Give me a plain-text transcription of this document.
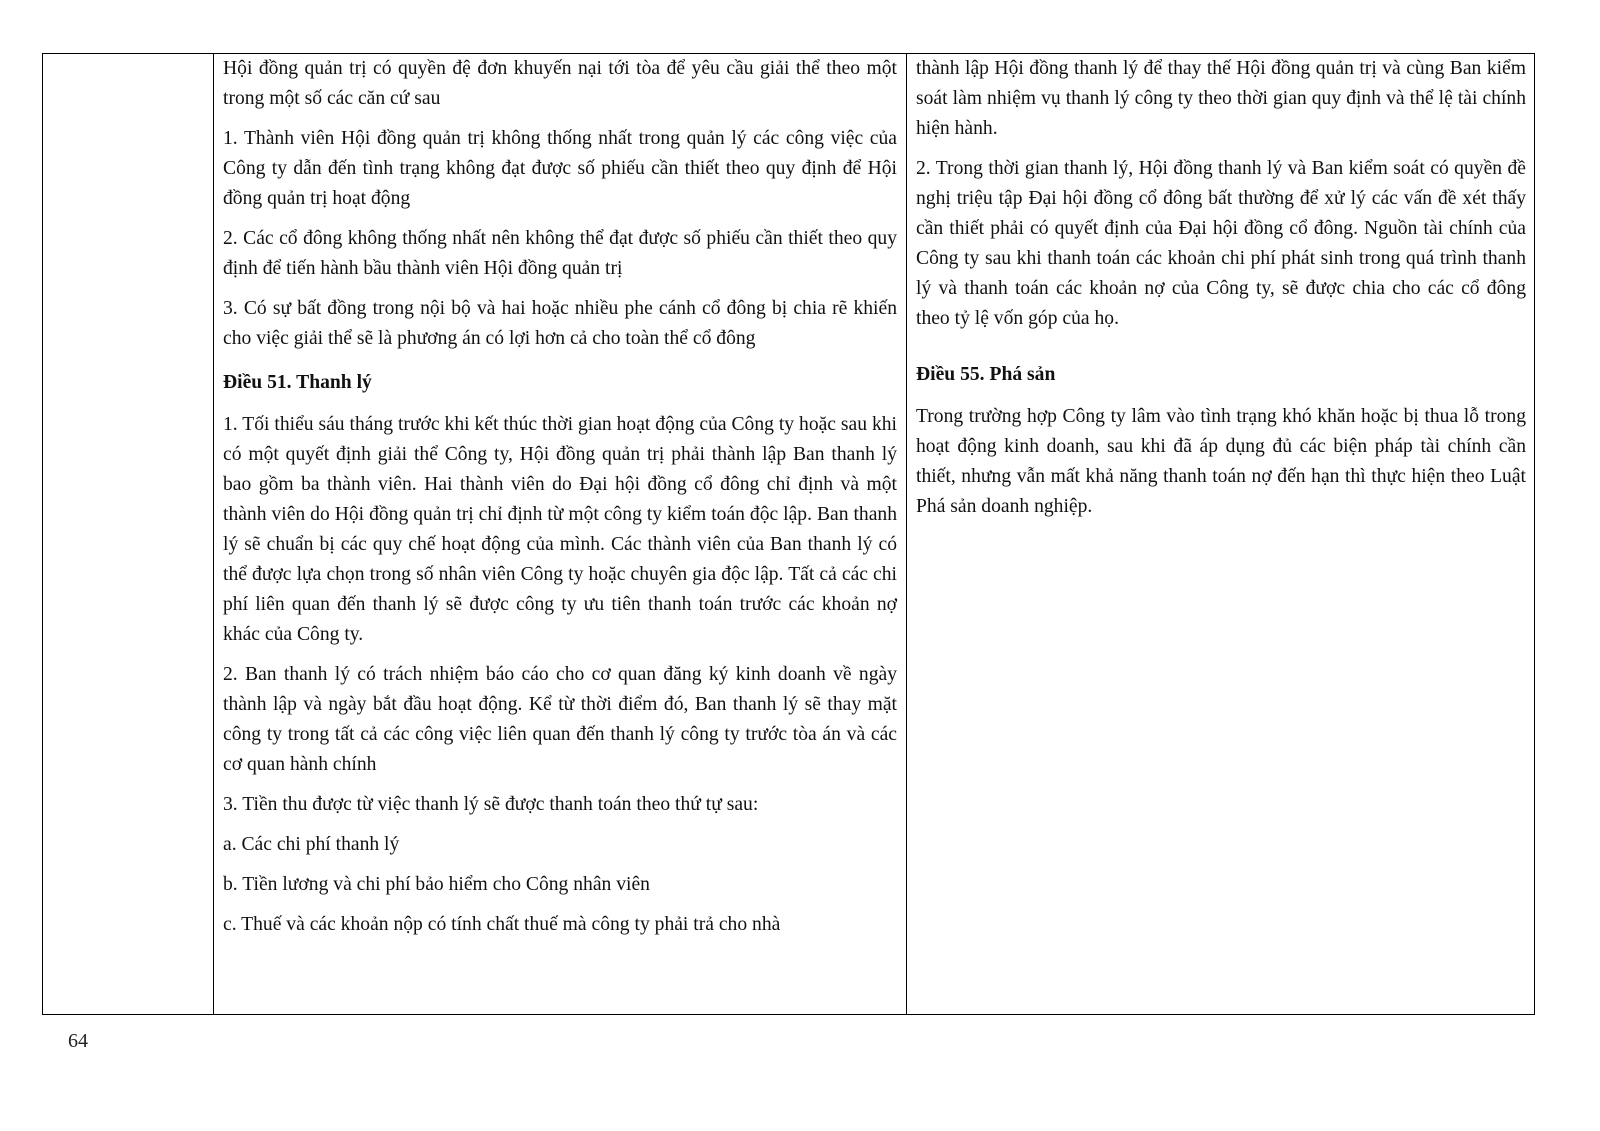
Hội đồng quản trị có quyền đệ đơn khuyến nại tới tòa để yêu cầu giải thể theo một trong một số các căn cứ sau

1. Thành viên Hội đồng quản trị không thống nhất trong quản lý các công việc của Công ty dẫn đến tình trạng không đạt được số phiếu cần thiết theo quy định để Hội đồng quản trị hoạt động

2. Các cổ đông không thống nhất nên không thể đạt được số phiếu cần thiết theo quy định để tiến hành bầu thành viên Hội đồng quản trị

3. Có sự bất đồng trong nội bộ và hai hoặc nhiều phe cánh cổ đông bị chia rẽ khiến cho việc giải thể sẽ là phương án có lợi hơn cả cho toàn thể cổ đông

Điều 51. Thanh lý

1. Tối thiểu sáu tháng trước khi kết thúc thời gian hoạt động của Công ty hoặc sau khi có một quyết định giải thể Công ty, Hội đồng quản trị phải thành lập Ban thanh lý bao gồm ba thành viên. Hai thành viên do Đại hội đồng cổ đông chỉ định và một thành viên do Hội đồng quản trị chỉ định từ một công ty kiểm toán độc lập. Ban thanh lý sẽ chuẩn bị các quy chế hoạt động của mình. Các thành viên của Ban thanh lý có thể được lựa chọn trong số nhân viên Công ty hoặc chuyên gia độc lập. Tất cả các chi phí liên quan đến thanh lý sẽ được công ty ưu tiên thanh toán trước các khoản nợ khác của Công ty.

2. Ban thanh lý có trách nhiệm báo cáo cho cơ quan đăng ký kinh doanh về ngày thành lập và ngày bắt đầu hoạt động. Kể từ thời điểm đó, Ban thanh lý sẽ thay mặt công ty trong tất cả các công việc liên quan đến thanh lý công ty trước tòa án và các cơ quan hành chính

3. Tiền thu được từ việc thanh lý sẽ được thanh toán theo thứ tự sau:

a. Các chi phí thanh lý

b. Tiền lương và chi phí bảo hiểm cho Công nhân viên

c. Thuế và các khoản nộp có tính chất thuế mà công ty phải trả cho nhà

thành lập Hội đồng thanh lý để thay thế Hội đồng quản trị và cùng Ban kiểm soát làm nhiệm vụ thanh lý công ty theo thời gian quy định và thể lệ tài chính hiện hành.

2. Trong thời gian thanh lý, Hội đồng thanh lý và Ban kiểm soát có quyền đề nghị triệu tập Đại hội đồng cổ đông bất thường để xử lý các vấn đề xét thấy cần thiết phải có quyết định của Đại hội đồng cổ đông. Nguồn tài chính của Công ty sau khi thanh toán các khoản chi phí phát sinh trong quá trình thanh lý và thanh toán các khoản nợ của Công ty, sẽ được chia cho các cổ đông theo tỷ lệ vốn góp của họ.

Điều 55. Phá sản

Trong trường hợp Công ty lâm vào tình trạng khó khăn hoặc bị thua lỗ trong hoạt động kinh doanh, sau khi đã áp dụng đủ các biện pháp tài chính cần thiết, nhưng vẫn mất khả năng thanh toán nợ đến hạn thì thực hiện theo Luật Phá sản doanh nghiệp.

64
